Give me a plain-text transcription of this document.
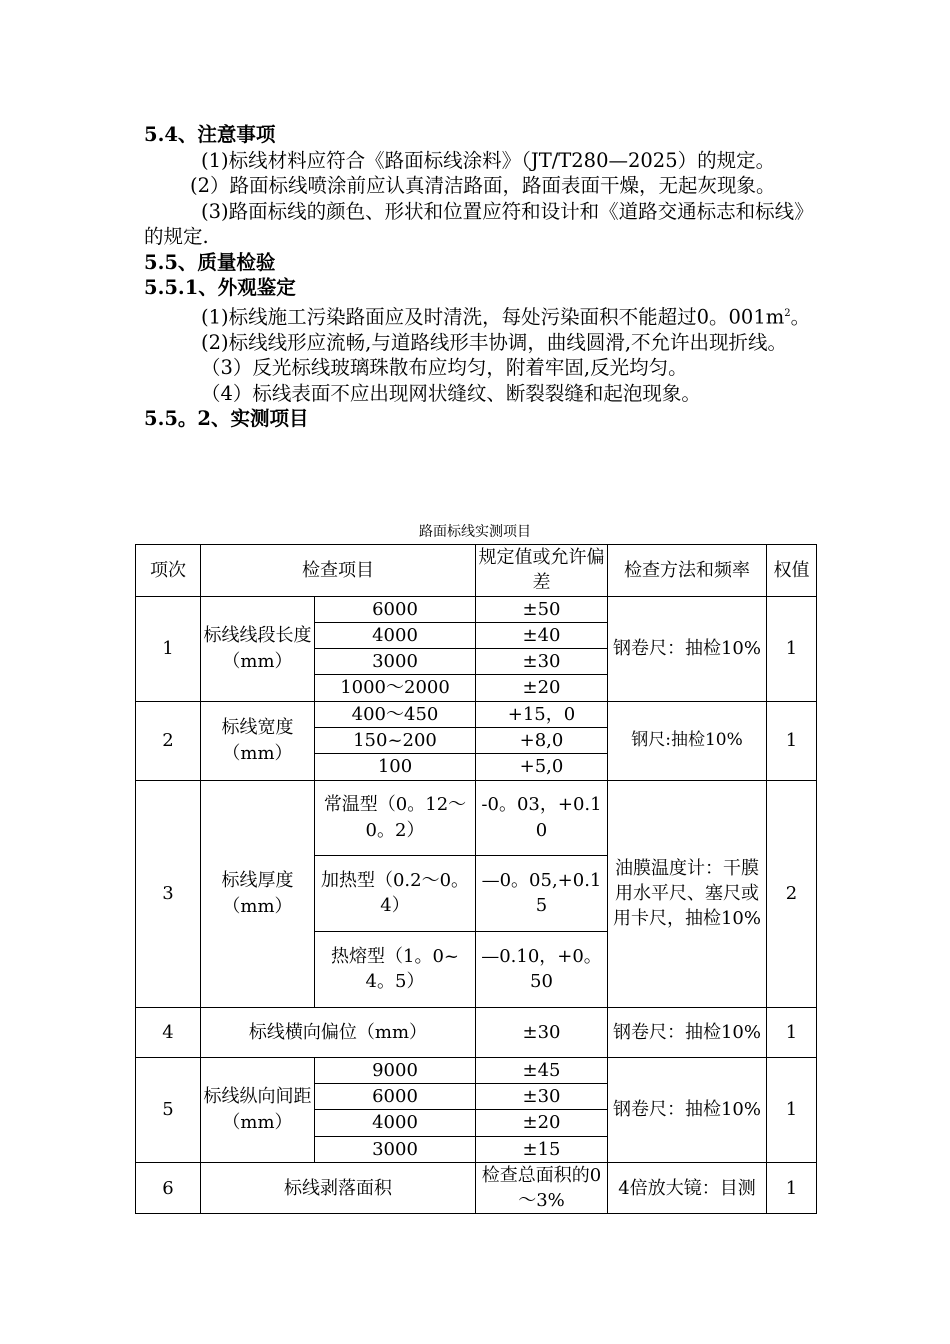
5.4、注意事项

(1)标线材料应符合《路面标线涂料》（JT/T280—2025）的规定。

(2）路面标线喷涂前应认真清洁路面，路面表面干燥，无起灰现象。

(3)路面标线的颜色、形状和位置应符和设计和《道路交通标志和标线》的规定.

5.5、质量检验
5.5.1、外观鉴定

(1)标线施工污染路面应及时清洗，每处污染面积不能超过0。$001m^2$。

(2)标线线形应流畅,与道路线形丰协调，曲线圆滑,不允许出现折线。

（3）反光标线玻璃珠散布应均匀，附着牢固,反光均匀。

（4）标线表面不应出现网状缝纹、断裂裂缝和起泡现象。

5.5。2、实测项目
路面标线实测项目
项次	检查项目		规定值或允许偏差	检查方法和频率	权值
1	标线线段长度（mm）	6000	±50	钢卷尺：抽检10%	1
		4000	±40		
		3000	±30		
		1000～2000	±20		
2	标线宽度（mm）	400～450	+15，0	钢尺:抽检10%	1
		150~200	+8,0		
		100	+5,0		
3	标线厚度（mm）	常温型（0。12～0。2）	-0。03，+0.10	油膜温度计：干膜用水平尺、塞尺或用卡尺，抽检10%	2
		加热型（0.2～0。4）	—0。05,+0.15		
		热熔型（1。0~4。5）	—0.10，+0。50		
4	标线横向偏位（mm）		±30	钢卷尺：抽检10%	1
5	标线纵向间距（mm）	9000	±45	钢卷尺：抽检10%	1
		6000	±30		
		4000	±20		
		3000	±15		
6	标线剥落面积		检查总面积的0～3%	4倍放大镜：目测	1
